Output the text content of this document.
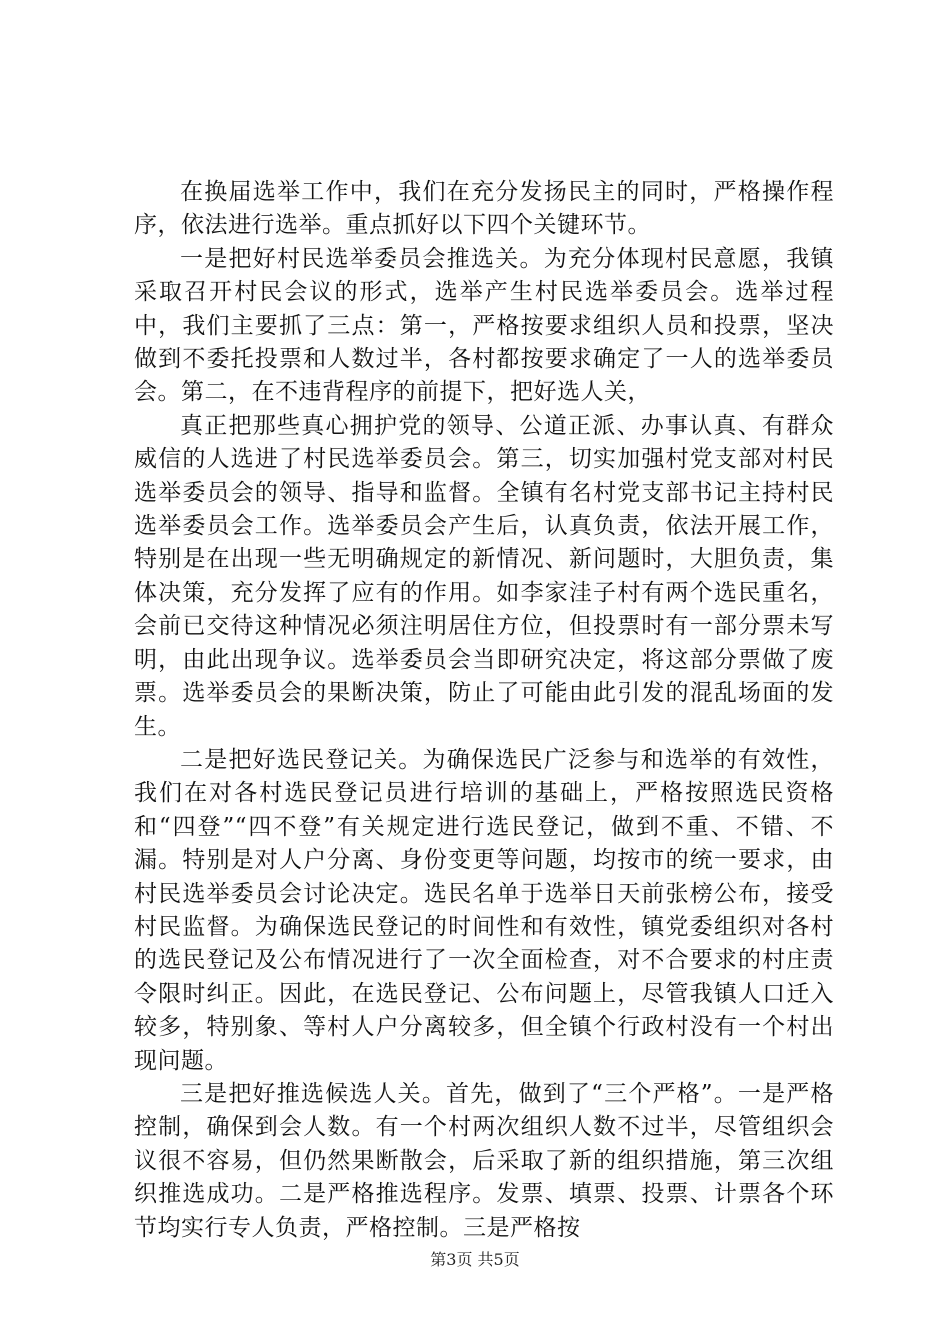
在换届选举工作中，我们在充分发扬民主的同时，严格操作程序，依法进行选举。重点抓好以下四个关键环节。

一是把好村民选举委员会推选关。为充分体现村民意愿，我镇采取召开村民会议的形式，选举产生村民选举委员会。选举过程中，我们主要抓了三点：第一，严格按要求组织人员和投票，坚决做到不委托投票和人数过半，各村都按要求确定了一人的选举委员会。第二，在不违背程序的前提下，把好选人关，

真正把那些真心拥护党的领导、公道正派、办事认真、有群众威信的人选进了村民选举委员会。第三，切实加强村党支部对村民选举委员会的领导、指导和监督。全镇有名村党支部书记主持村民选举委员会工作。选举委员会产生后，认真负责，依法开展工作，特别是在出现一些无明确规定的新情况、新问题时，大胆负责，集体决策，充分发挥了应有的作用。如李家洼子村有两个选民重名，会前已交待这种情况必须注明居住方位，但投票时有一部分票未写明，由此出现争议。选举委员会当即研究决定，将这部分票做了废票。选举委员会的果断决策，防止了可能由此引发的混乱场面的发生。

二是把好选民登记关。为确保选民广泛参与和选举的有效性，我们在对各村选民登记员进行培训的基础上，严格按照选民资格和“四登”“四不登”有关规定进行选民登记，做到不重、不错、不漏。特别是对人户分离、身份变更等问题，均按市的统一要求，由村民选举委员会讨论决定。选民名单于选举日天前张榜公布，接受村民监督。为确保选民登记的时间性和有效性，镇党委组织对各村的选民登记及公布情况进行了一次全面检查，对不合要求的村庄责令限时纠正。因此，在选民登记、公布问题上，尽管我镇人口迁入较多，特别象、等村人户分离较多，但全镇个行政村没有一个村出现问题。

三是把好推选候选人关。首先，做到了“三个严格”。一是严格控制，确保到会人数。有一个村两次组织人数不过半，尽管组织会议很不容易，但仍然果断散会，后采取了新的组织措施，第三次组织推选成功。二是严格推选程序。发票、填票、投票、计票各个环节均实行专人负责，严格控制。三是严格按

第3页 共5页
